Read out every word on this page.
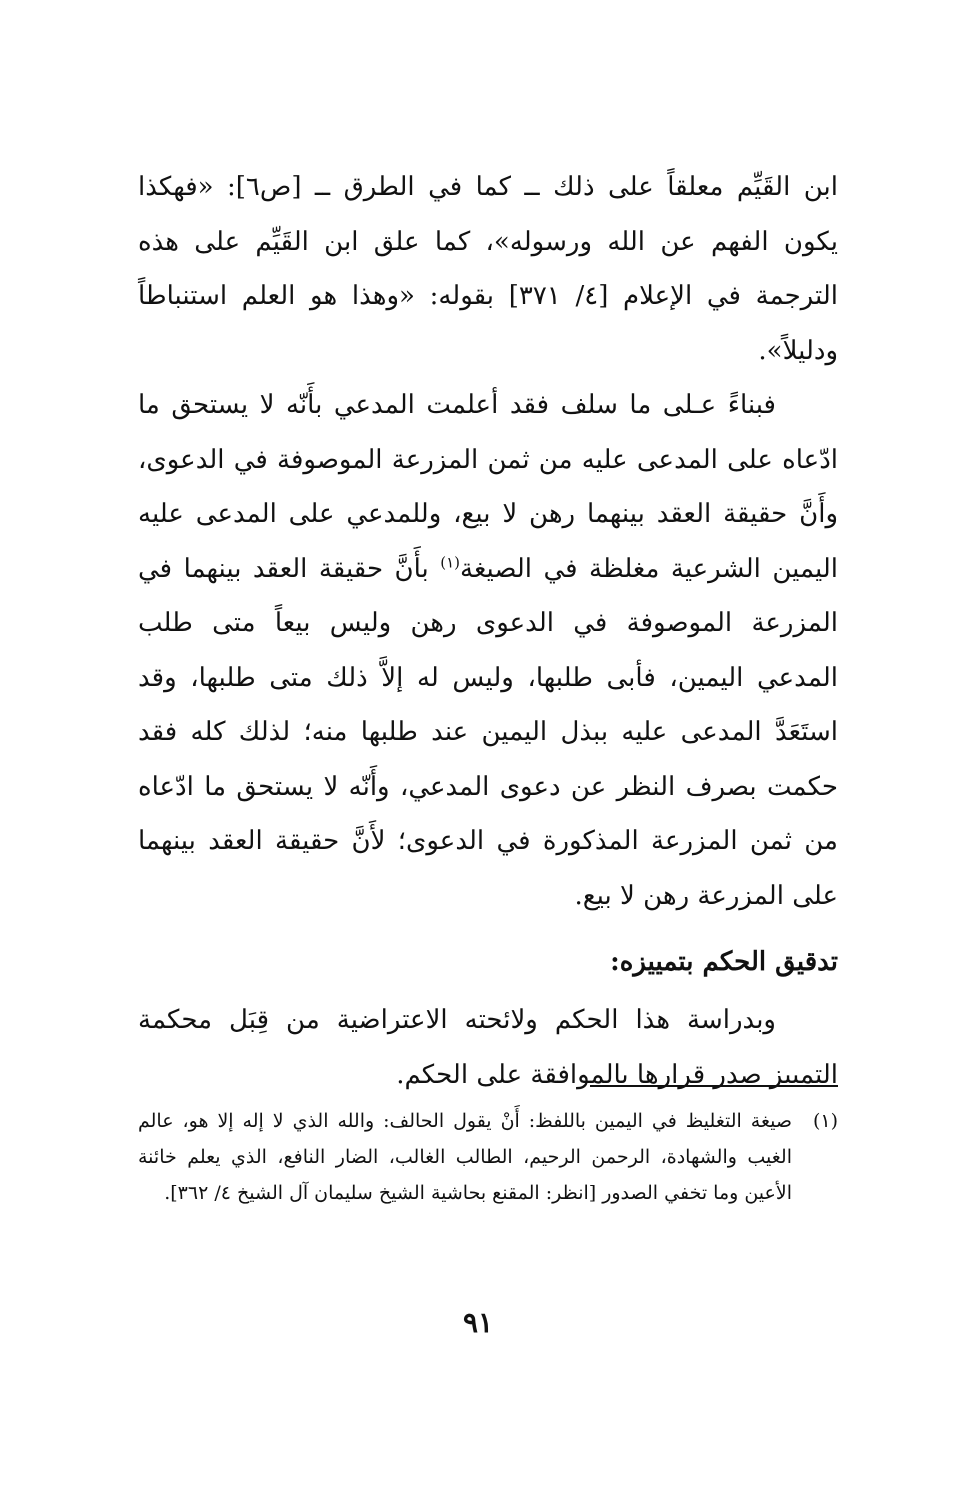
ابن القَيِّم معلقاً على ذلك ــ كما في الطرق ــ [ص٦]: «فهكذا يكون الفهم عن الله ورسوله»، كما علق ابن القَيِّم على هذه الترجمة في الإعلام [٤/ ٣٧١] بقوله: «وهذا هو العلم استنباطاً ودليلاً».

فبناءً عـلى ما سلف فقد أعلمت المدعي بأَنّه لا يستحق ما ادّعاه على المدعى عليه من ثمن المزرعة الموصوفة في الدعوى، وأَنَّ حقيقة العقد بينهما رهن لا بيع، وللمدعي على المدعى عليه اليمين الشرعية مغلظة في الصيغة$^{(١)}$ بأَنَّ حقيقة العقد بينهما في المزرعة الموصوفة في الدعوى رهن وليس بيعاً متى طلب المدعي اليمين، فأبى طلبها، وليس له إلاَّ ذلك متى طلبها، وقد استَعَدَّ المدعى عليه ببذل اليمين عند طلبها منه؛ لذلك كله فقد حكمت بصرف النظر عن دعوى المدعي، وأَنّه لا يستحق ما ادّعاه من ثمن المزرعة المذكورة في الدعوى؛ لأَنَّ حقيقة العقد بينهما على المزرعة رهن لا بيع.

تدقيق الحكم بتمييزه:

وبدراسة هذا الحكم ولائحته الاعتراضية من قِبَل محكمة التمييز صدر قرارها بالموافقة على الحكم.

(١)
صيغة التغليظ في اليمين باللفظ: أَنْ يقول الحالف: والله الذي لا إله إلا هو، عالم الغيب والشهادة، الرحمن الرحيم، الطالب الغالب، الضار النافع، الذي يعلم خائنة الأعين وما تخفي الصدور [انظر: المقنع بحاشية الشيخ سليمان آل الشيخ ٤/ ٣٦٢].
٩١
